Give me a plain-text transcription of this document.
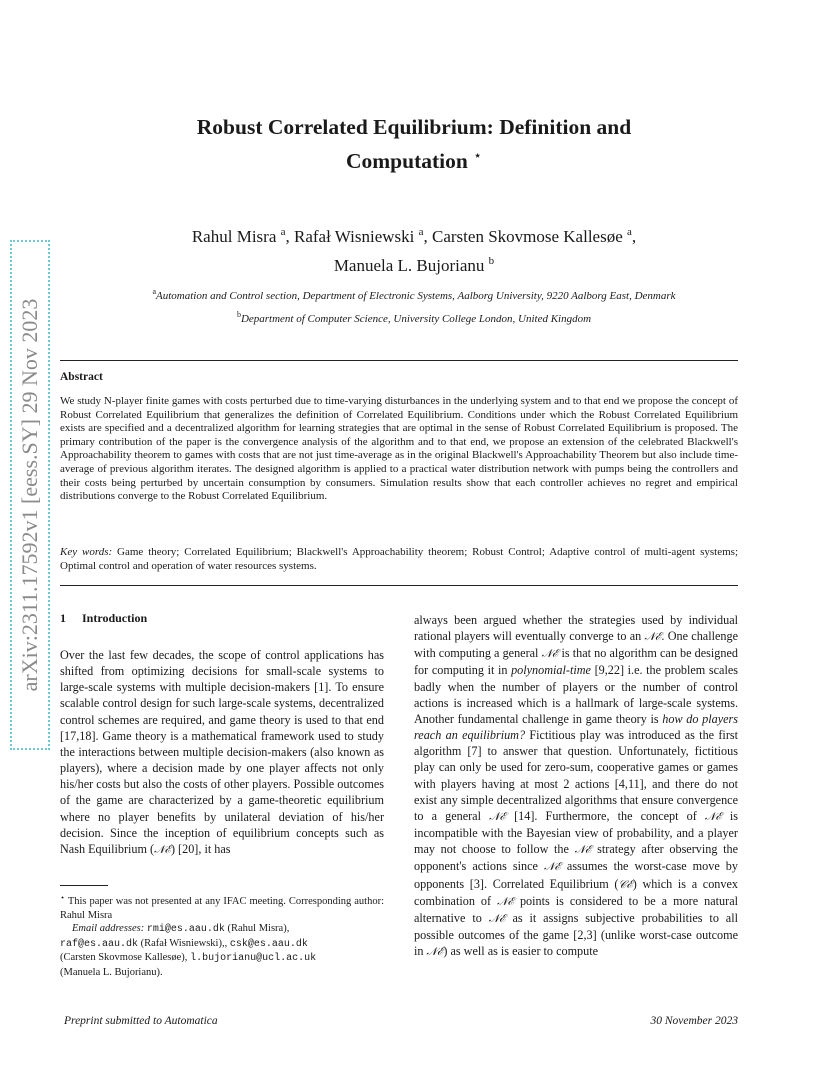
arXiv:2311.17592v1 [eess.SY] 29 Nov 2023
Robust Correlated Equilibrium: Definition and
Computation ⋆
Rahul Misra $^a$, Rafał Wisniewski $^a$, Carsten Skovmose Kallesøe $^a$,
Manuela L. Bujorianu $^b$
$^a$Automation and Control section, Department of Electronic Systems, Aalborg University, 9220 Aalborg East, Denmark
$^b$Department of Computer Science, University College London, United Kingdom
Abstract
We study N-player finite games with costs perturbed due to time-varying disturbances in the underlying system and to that end we propose the concept of Robust Correlated Equilibrium that generalizes the definition of Correlated Equilibrium. Conditions under which the Robust Correlated Equilibrium exists are specified and a decentralized algorithm for learning strategies that are optimal in the sense of Robust Correlated Equilibrium is proposed. The primary contribution of the paper is the convergence analysis of the algorithm and to that end, we propose an extension of the celebrated Blackwell's Approachability theorem to games with costs that are not just time-average as in the original Blackwell's Approachability Theorem but also include time-average of previous algorithm iterates. The designed algorithm is applied to a practical water distribution network with pumps being the controllers and their costs being perturbed by uncertain consumption by consumers. Simulation results show that each controller achieves no regret and empirical distributions converge to the Robust Correlated Equilibrium.
Key words: Game theory; Correlated Equilibrium; Blackwell's Approachability theorem; Robust Control; Adaptive control of multi-agent systems; Optimal control and operation of water resources systems.
1 Introduction
Over the last few decades, the scope of control applications has shifted from optimizing decisions for small-scale systems to large-scale systems with multiple decision-makers [1]. To ensure scalable control design for such large-scale systems, decentralized control schemes are required, and game theory is used to that end [17,18]. Game theory is a mathematical framework used to study the interactions between multiple decision-makers (also known as players), where a decision made by one player affects not only his/her costs but also the costs of other players. Possible outcomes of the game are characterized by a game-theoretic equilibrium where no player benefits by unilateral deviation of his/her decision. Since the inception of equilibrium concepts such as Nash Equilibrium (𝒩ℰ) [20], it has
always been argued whether the strategies used by individual rational players will eventually converge to an 𝒩ℰ. One challenge with computing a general 𝒩ℰ is that no algorithm can be designed for computing it in polynomial-time [9,22] i.e. the problem scales badly when the number of players or the number of control actions is increased which is a hallmark of large-scale systems. Another fundamental challenge in game theory is how do players reach an equilibrium? Fictitious play was introduced as the first algorithm [7] to answer that question. Unfortunately, fictitious play can only be used for zero-sum, cooperative games or games with players having at most 2 actions [4,11], and there do not exist any simple decentralized algorithms that ensure convergence to a general 𝒩ℰ [14]. Furthermore, the concept of 𝒩ℰ is incompatible with the Bayesian view of probability, and a player may not choose to follow the 𝒩ℰ strategy after observing the opponent's actions since 𝒩ℰ assumes the worst-case move by opponents [3]. Correlated Equilibrium (𝒞ℰ) which is a convex combination of 𝒩ℰ points is considered to be a more natural alternative to 𝒩ℰ as it assigns subjective probabilities to all possible outcomes of the game [2,3] (unlike worst-case outcome in 𝒩ℰ) as well as is easier to compute

⋆ This paper was not presented at any IFAC meeting. Corresponding author: Rahul Misra

Email addresses: rmi@es.aau.dk (Rahul Misra),
raf@es.aau.dk (Rafał Wisniewski),, csk@es.aau.dk
(Carsten Skovmose Kallesøe), l.bujorianu@ucl.ac.uk
(Manuela L. Bujorianu).

Preprint submitted to Automatica	30 November 2023
